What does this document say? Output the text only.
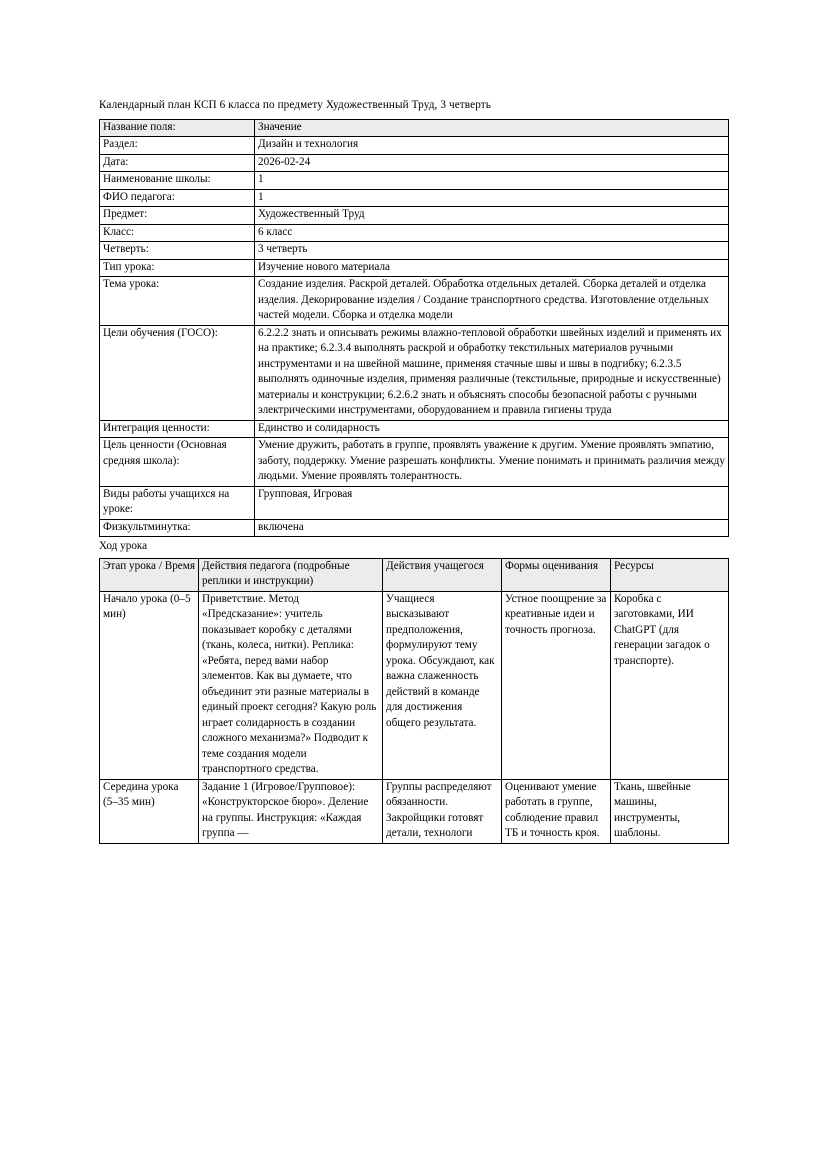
Календарный план КСП 6 класса по предмету Художественный Труд, 3 четверть

Название поля:	Значение
Раздел:	Дизайн и технология
Дата:	2026-02-24
Наименование школы:	1
ФИО педагога:	1
Предмет:	Художественный Труд
Класс:	6 класс
Четверть:	3 четверть
Тип урока:	Изучение нового материала
Тема урока:	Создание изделия. Раскрой деталей. Обработка отдельных деталей. Сборка деталей и отделка изделия. Декорирование изделия / Создание транспортного средства. Изготовление отдельных частей модели. Сборка и отделка модели
Цели обучения (ГОСО):	6.2.2.2 знать и описывать режимы влажно-тепловой обработки швейных изделий и применять их на практике; 6.2.3.4 выполнять раскрой и обработку текстильных материалов ручными инструментами и на швейной машине, применяя стачные швы и швы в подгибку; 6.2.3.5 выполнять одиночные изделия, применяя различные (текстильные, природные и искусственные) материалы и конструкции; 6.2.6.2 знать и объяснять способы безопасной работы с ручными электрическими инструментами, оборудованием и правила гигиены труда
Интеграция ценности:	Единство и солидарность
Цель ценности (Основная средняя школа):	Умение дружить, работать в группе, проявлять уважение к другим. Умение проявлять эмпатию, заботу, поддержку. Умение разрешать конфликты. Умение понимать и принимать различия между людьми. Умение проявлять толерантность.
Виды работы учащихся на уроке:	Групповая, Игровая
Физкультминутка:	включена

Ход урока

Этап урока / Время	Действия педагога (подробные реплики и инструкции)	Действия учащегося	Формы оценивания	Ресурсы
Начало урока (0–5 мин)	Приветствие. Метод «Предсказание»: учитель показывает коробку с деталями (ткань, колеса, нитки). Реплика: «Ребята, перед вами набор элементов. Как вы думаете, что объединит эти разные материалы в единый проект сегодня? Какую роль играет солидарность в создании сложного механизма?» Подводит к теме создания модели транспортного средства.	Учащиеся высказывают предположения, формулируют тему урока. Обсуждают, как важна слаженность действий в команде для достижения общего результата.	Устное поощрение за креативные идеи и точность прогноза.	Коробка с заготовками, ИИ ChatGPT (для генерации загадок о транспорте).
Середина урока (5–35 мин)	Задание 1 (Игровое/Групповое): «Конструкторское бюро». Деление на группы. Инструкция: «Каждая группа —	Группы распределяют обязанности. Закройщики готовят детали, технологи	Оценивают умение работать в группе, соблюдение правил ТБ и точность кроя.	Ткань, швейные машины, инструменты, шаблоны.
